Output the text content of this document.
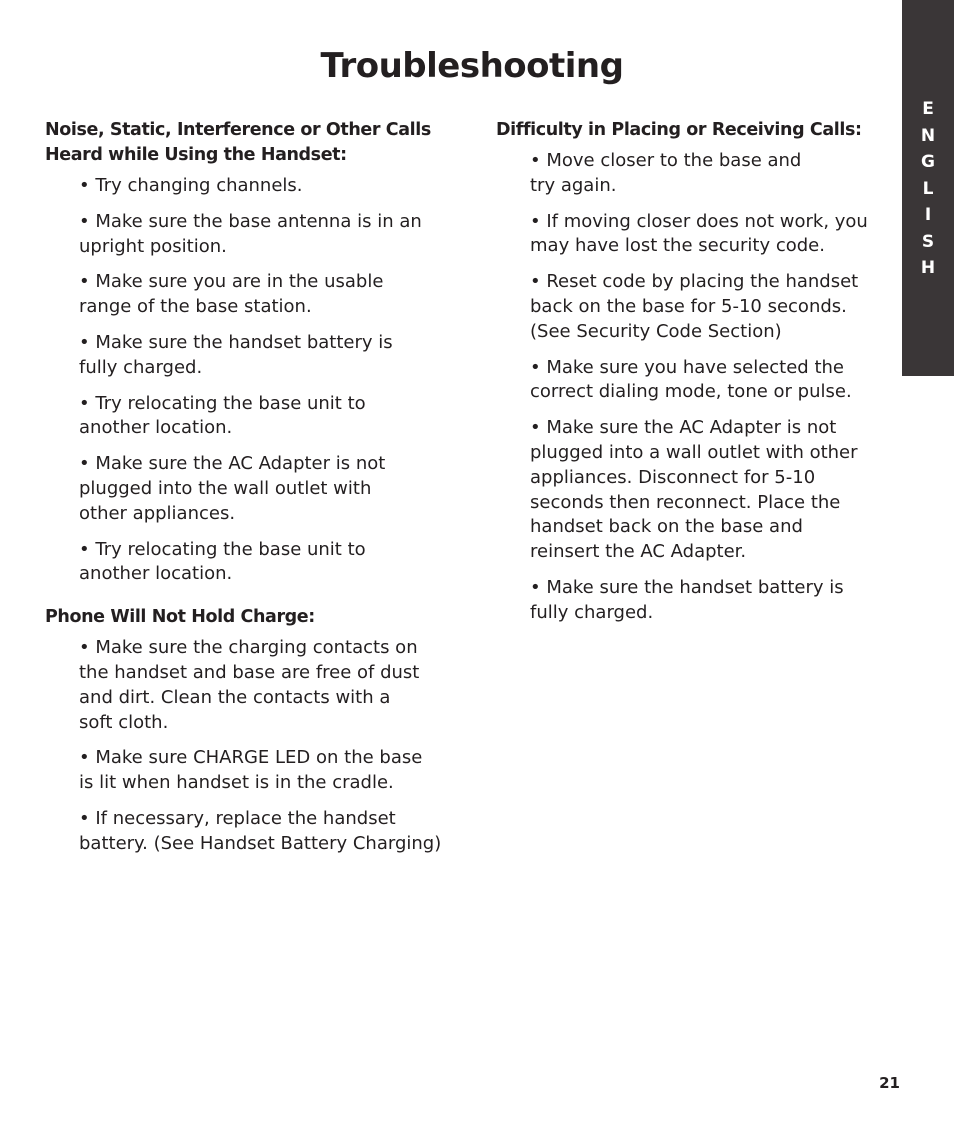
Troubleshooting
E
N
G
L
I
S
H
Noise, Static, Interference or Other Calls
Heard while Using the Handset:
• Try changing channels.
• Make sure the base antenna is in an
upright position.
• Make sure you are in the usable
range of the base station.
• Make sure the handset battery is
fully charged.
• Try relocating the base unit to
another location.
• Make sure the AC Adapter is not
plugged into the wall outlet with
other appliances.
• Try relocating the base unit to
another location.
Phone Will Not Hold Charge:
• Make sure the charging contacts on
the handset and base are free of dust
and dirt. Clean the contacts with a
soft cloth.
• Make sure CHARGE LED on the base
is lit when handset is in the cradle.
• If necessary, replace the handset
battery. (See Handset Battery Charging)
Difficulty in Placing or Receiving Calls:
• Move closer to the base and
try again.
• If moving closer does not work, you
may have lost the security code.
• Reset code by placing the handset
back on the base for 5-10 seconds.
(See Security Code Section)
• Make sure you have selected the
correct dialing mode, tone or pulse.
• Make sure the AC Adapter is not
plugged into a wall outlet with other
appliances. Disconnect for 5-10
seconds then reconnect. Place the
handset back on the base and
reinsert the AC Adapter.
• Make sure the handset battery is
fully charged.
21
